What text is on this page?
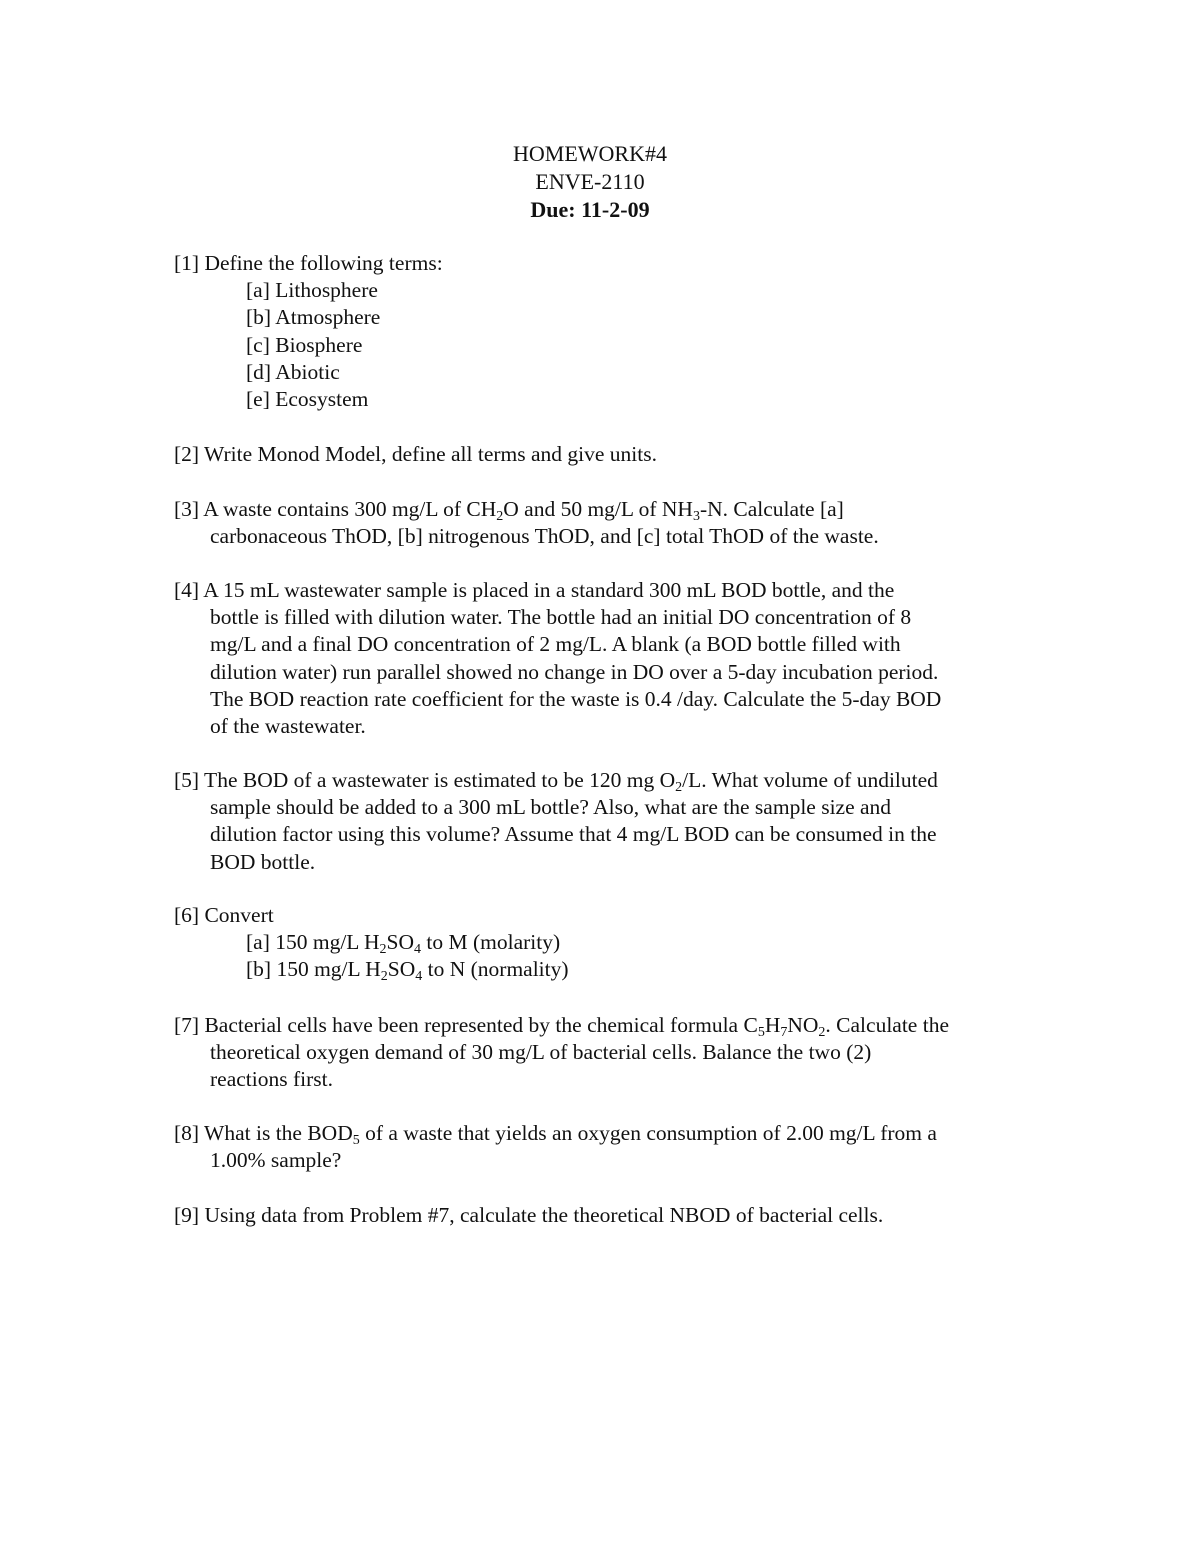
HOMEWORK#4
ENVE-2110
Due: 11-2-09
[1] Define the following terms:
[a] Lithosphere
[b] Atmosphere
[c] Biosphere
[d] Abiotic
[e] Ecosystem
[2] Write Monod Model, define all terms and give units.
[3] A waste contains 300 mg/L of $CH_2O$ and 50 mg/L of $NH_3-N$. Calculate [a]
carbonaceous ThOD, [b] nitrogenous ThOD, and [c] total ThOD of the waste.
[4] A 15 mL wastewater sample is placed in a standard 300 mL BOD bottle, and the
bottle is filled with dilution water. The bottle had an initial DO concentration of 8
mg/L and a final DO concentration of 2 mg/L. A blank (a BOD bottle filled with
dilution water) run parallel showed no change in DO over a 5-day incubation period.
The BOD reaction rate coefficient for the waste is 0.4 /day. Calculate the 5-day BOD
of the wastewater.
[5] The BOD of a wastewater is estimated to be 120 mg $O_2/L$. What volume of undiluted
sample should be added to a 300 mL bottle? Also, what are the sample size and
dilution factor using this volume? Assume that 4 mg/L BOD can be consumed in the
BOD bottle.
[6] Convert
[a] 150 mg/L $H_2SO_4$ to M (molarity)
[b] 150 mg/L $H_2SO_4$ to N (normality)
[7] Bacterial cells have been represented by the chemical formula $C_5H_7NO_2$. Calculate the
theoretical oxygen demand of 30 mg/L of bacterial cells. Balance the two (2)
reactions first.
[8] What is the $BOD_5$ of a waste that yields an oxygen consumption of 2.00 mg/L from a
1.00% sample?
[9] Using data from Problem #7, calculate the theoretical NBOD of bacterial cells.
